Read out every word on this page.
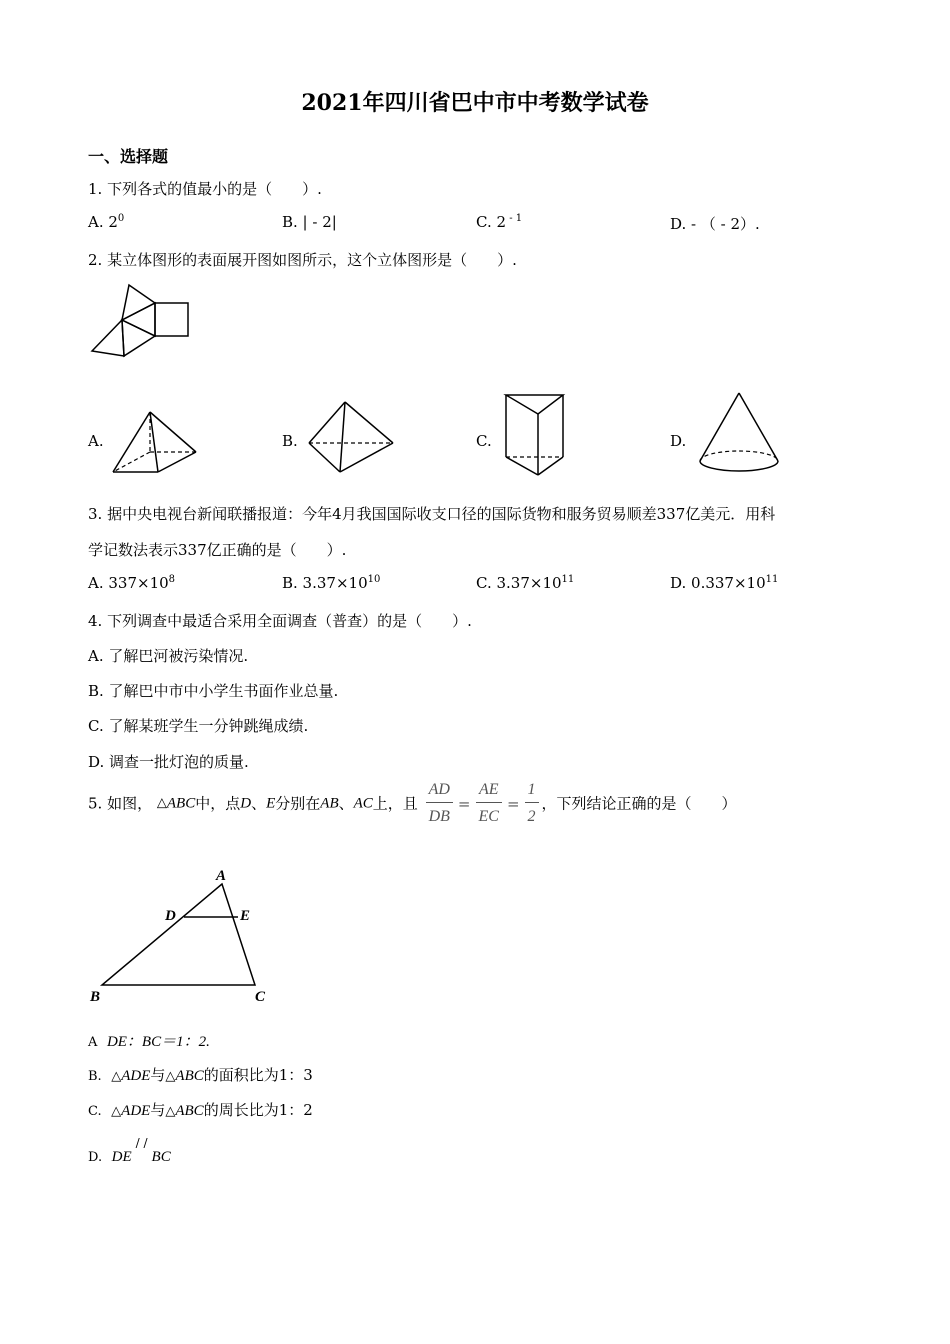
2021年四川省巴中市中考数学试卷
一、选择题
1. 下列各式的值最小的是（　　）.
A. $2^0$	B. | - 2|	C. 2 $^{- 1}$	D. - （ - 2）.
2. 某立体图形的表面展开图如图所示，这个立体图形是（　　）.
A.	B.	C.	D.
3. 据中央电视台新闻联播报道：今年4月我国国际收支口径的国际货物和服务贸易顺差337亿美元．用科
学记数法表示337亿正确的是（　　）.
A. $337\times 10^8$	B. $3.37\times 10^{10}$	C. $3.37\times 10^{11}$	D. $0.337\times 10^{11}$
4. 下列调查中最适合采用全面调查（普查）的是（　　）.
A. 了解巴河被污染情况.
B. 了解巴中市中小学生书面作业总量.
C. 了解某班学生一分钟跳绳成绩.
D. 调查一批灯泡的质量.
5. 如图， △ABC中，点D、E分别在AB、AC上，且 $\frac{AD}{DB} = \frac{AE}{EC} = \frac{1}{2}$ ，下列结论正确的是（　　）
A
B	C
D	E
A DE：BC＝1：2.
B. △ADE与△ABC的面积比为1：3
C. △ADE与△ABC的周长比为1：2
D. DE/ /BC
